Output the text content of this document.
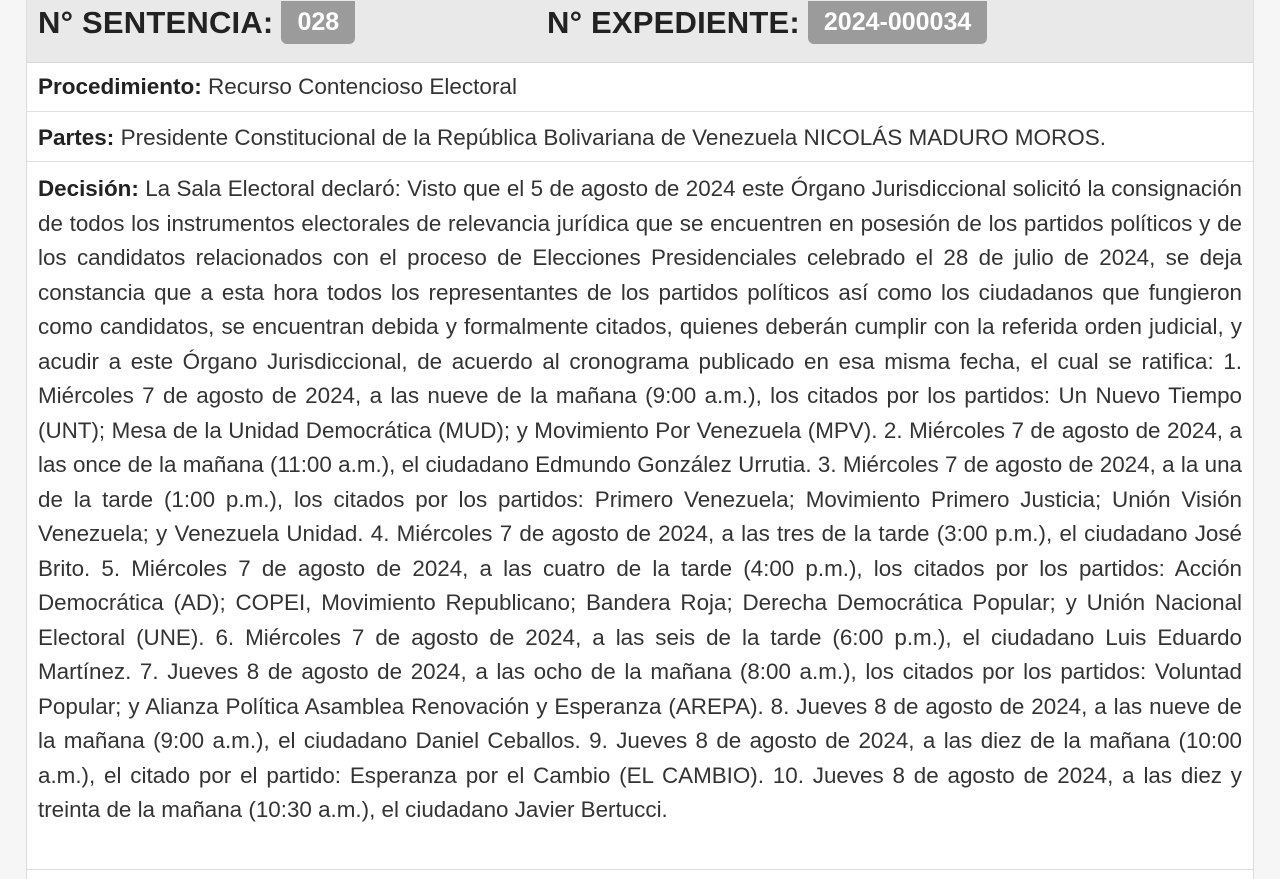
N° SENTENCIA: 028	N° EXPEDIENTE: 2024-000034
Procedimiento: Recurso Contencioso Electoral
Partes: Presidente Constitucional de la República Bolivariana de Venezuela NICOLÁS MADURO MOROS.
Decisión: La Sala Electoral declaró: Visto que el 5 de agosto de 2024 este Órgano Jurisdiccional solicitó la consignación de todos los instrumentos electorales de relevancia jurídica que se encuentren en posesión de los partidos políticos y de los candidatos relacionados con el proceso de Elecciones Presidenciales celebrado el 28 de julio de 2024, se deja constancia que a esta hora todos los representantes de los partidos políticos así como los ciudadanos que fungieron como candidatos, se encuentran debida y formalmente citados, quienes deberán cumplir con la referida orden judicial, y acudir a este Órgano Jurisdiccional, de acuerdo al cronograma publicado en esa misma fecha, el cual se ratifica: 1. Miércoles 7 de agosto de 2024, a las nueve de la mañana (9:00 a.m.), los citados por los partidos: Un Nuevo Tiempo (UNT); Mesa de la Unidad Democrática (MUD); y Movimiento Por Venezuela (MPV). 2. Miércoles 7 de agosto de 2024, a las once de la mañana (11:00 a.m.), el ciudadano Edmundo González Urrutia. 3. Miércoles 7 de agosto de 2024, a la una de la tarde (1:00 p.m.), los citados por los partidos: Primero Venezuela; Movimiento Primero Justicia; Unión Visión Venezuela; y Venezuela Unidad. 4. Miércoles 7 de agosto de 2024, a las tres de la tarde (3:00 p.m.), el ciudadano José Brito. 5. Miércoles 7 de agosto de 2024, a las cuatro de la tarde (4:00 p.m.), los citados por los partidos: Acción Democrática (AD); COPEI, Movimiento Republicano; Bandera Roja; Derecha Democrática Popular; y Unión Nacional Electoral (UNE). 6. Miércoles 7 de agosto de 2024, a las seis de la tarde (6:00 p.m.), el ciudadano Luis Eduardo Martínez. 7. Jueves 8 de agosto de 2024, a las ocho de la mañana (8:00 a.m.), los citados por los partidos: Voluntad Popular; y Alianza Política Asamblea Renovación y Esperanza (AREPA). 8. Jueves 8 de agosto de 2024, a las nueve de la mañana (9:00 a.m.), el ciudadano Daniel Ceballos. 9. Jueves 8 de agosto de 2024, a las diez de la mañana (10:00 a.m.), el citado por el partido: Esperanza por el Cambio (EL CAMBIO). 10. Jueves 8 de agosto de 2024, a las diez y treinta de la mañana (10:30 a.m.), el ciudadano Javier Bertucci.
